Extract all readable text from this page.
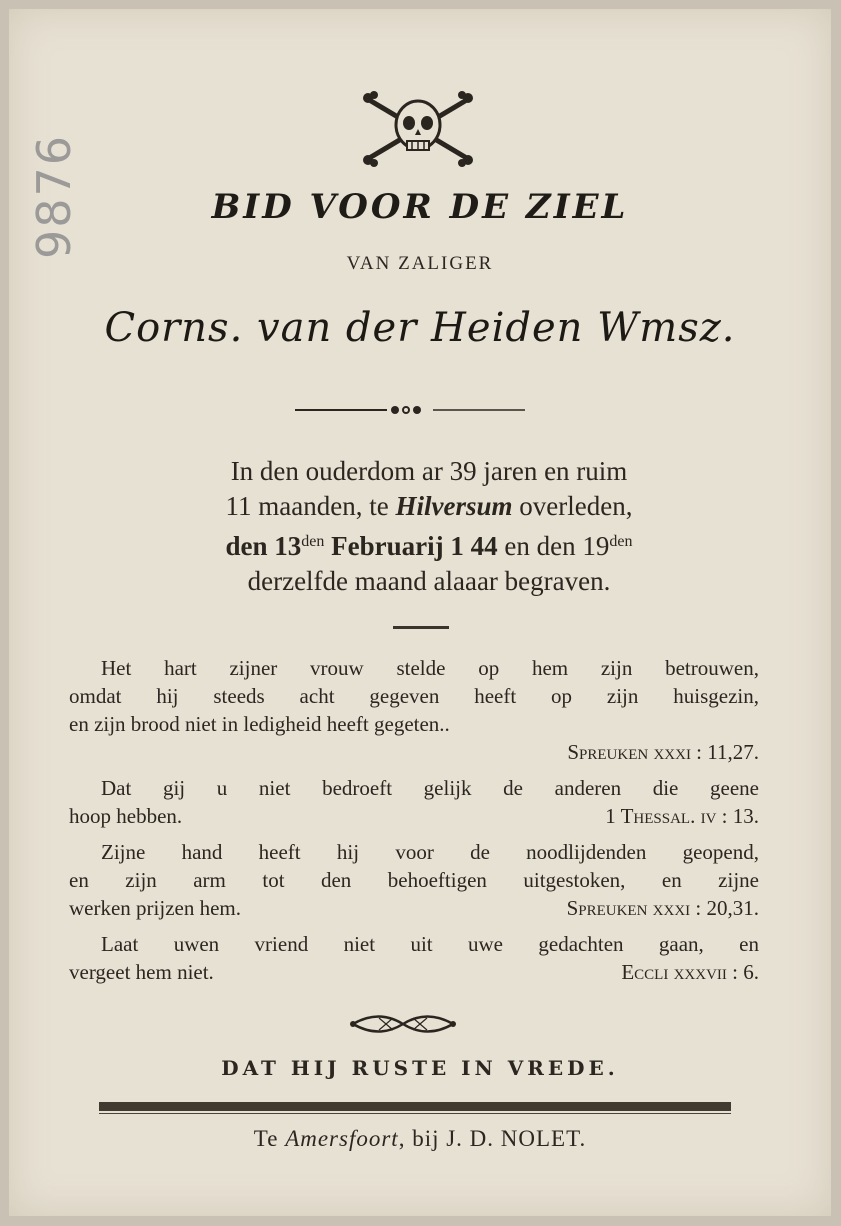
9876	BID VOOR DE ZIEL
VAN ZALIGER
Corns. van der Heiden Wmsz.
In den ouderdom ar 39 jaren en ruim
11 maanden, te Hilversum overleden,
den $13^{den}$ Februarij 1 44 en den $19^{den}$
derzelfde maand alaaar begraven.
Het hart zijner vrouw stelde op hem zijn betrouwen,
omdat hij steeds acht gegeven heeft op zijn huisgezin,
en zijn brood niet in ledigheid heeft gegeten..
Spreuken xxxi : 11,27.
Dat gij u niet bedroeft gelijk de anderen die geene
hoop hebben.	1 Thessal. iv : 13.
Zijne hand heeft hij voor de noodlijdenden geopend,
en zijn arm tot den behoeftigen uitgestoken, en zijne
werken prijzen hem.	Spreuken xxxi : 20,31.
Laat uwen vriend niet uit uwe gedachten gaan, en
vergeet hem niet.	Eccli xxxvii : 6.
DAT HIJ RUSTE IN VREDE.
Te Amersfoort, bij J. D. NOLET.
